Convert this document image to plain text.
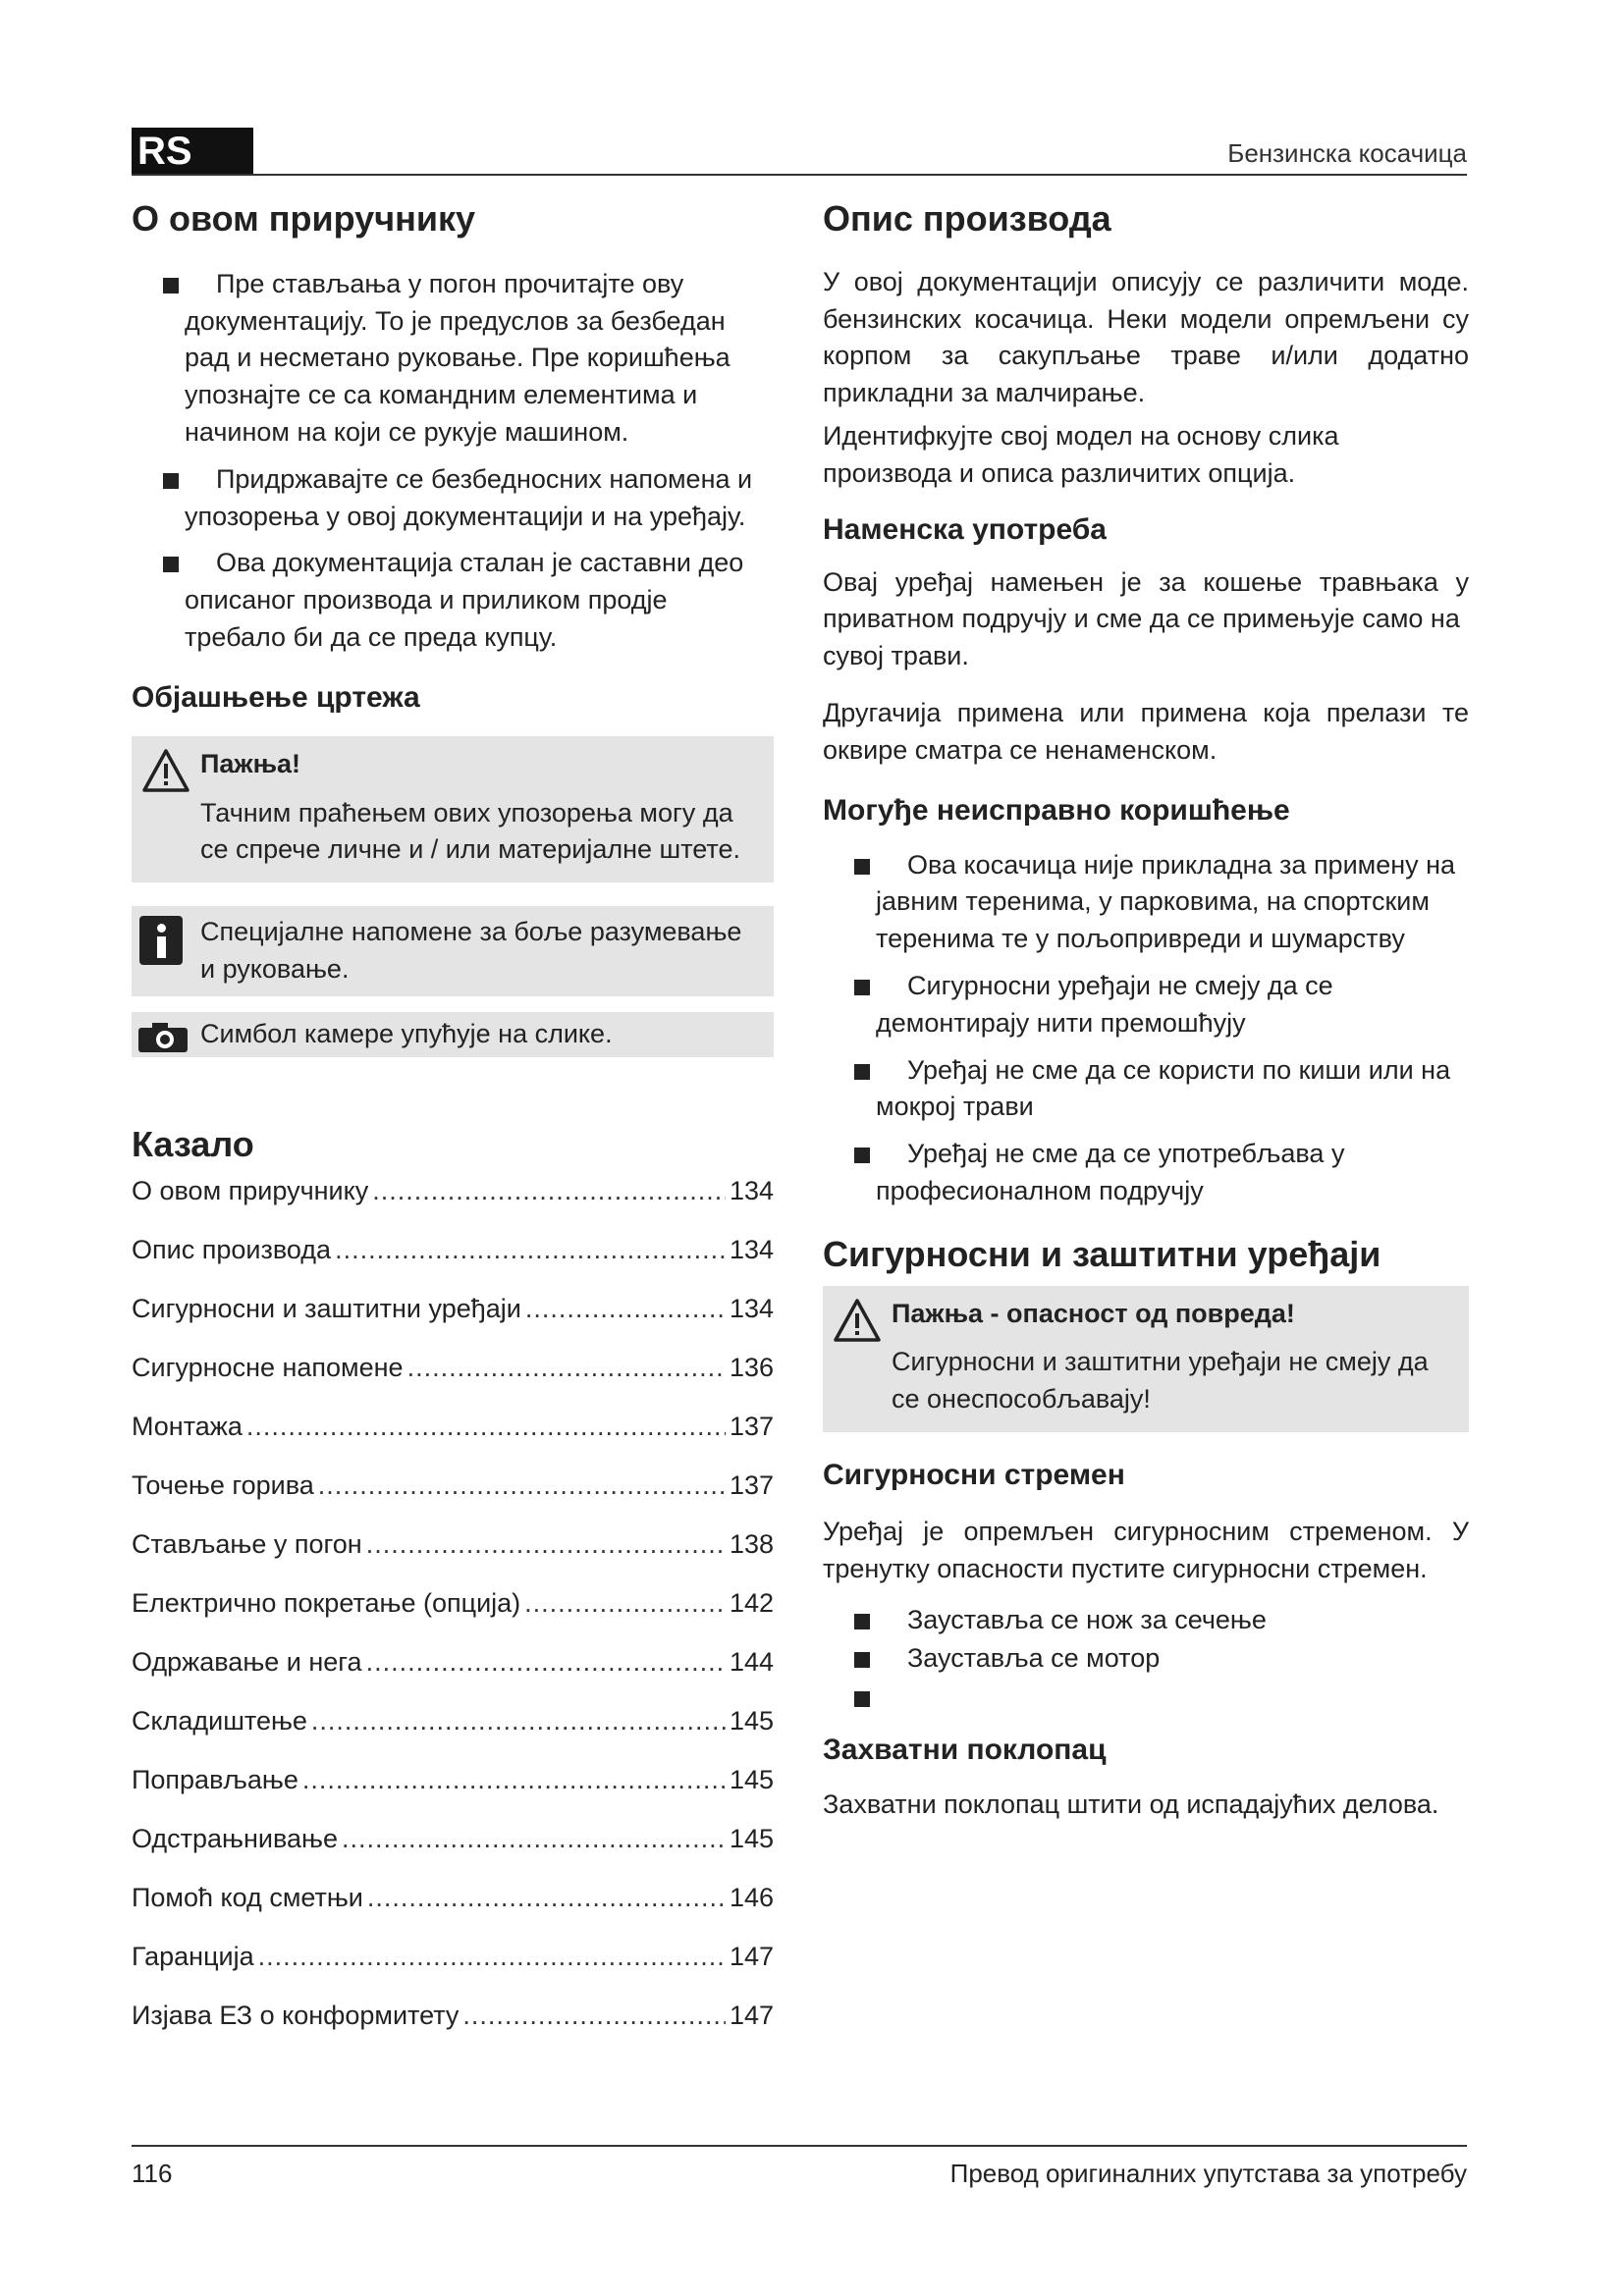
RS	Бензинска косачица
О овом приручнику
Пре стављања у погон прочитајте ову документацију. То је предуслов за безбедан рад и несметано руковање. Пре коришћења упознајте се са командним елементима и начином на који се рукује машином.
Придржавајте се безбедносних напомена и упозорења у овој документацији и на уређају.
Ова документација сталан је саставни део описаног производа и приликом продје требало би да се преда купцу.
Објашњење цртежа
Пажња!
Тачним праћењем ових упозорења могу да се спрече личне и / или материјалне штете.
Специјалне напомене за боље разумевање и руковање.
Симбол камере упућује на слике.
Казало
О овом приручнику .....	134
Опис производа .....	134
Сигурносни и заштитни уређаји .....	134
Сигурносне напомене .....	136
Монтажа .....	137
Точење горива .....	137
Стављање у погон .....	138
Електрично покретање (опција) .....	142
Одржавање и нега .....	144
Складиштење .....	145
Поправљање .....	145
Одстрањнивање .....	145
Помоћ код сметњи .....	146
Гаранција .....	147
Изјава ЕЗ о конформитету .....	147
Опис производа

У овој документацији описују се различити моде. бензинских косачица. Неки модели опремљени су корпом за сакупљање траве и/или додатно

прикладни за малчирање.

Идентифкујте свој модел на основу слика производа и описа различитих опција.

Наменска употреба

Овај уређај намењен је за кошење травњака у

приватном подручју и сме да се примењује само на сувој трави.

Другачија примена или примена која прелази те

оквире сматра се ненаменском.

Могуђе неисправно коришћење
Ова косачица није прикладна за примену на јавним теренима, у парковима, на спортским теренима те у пољопривреди и шумарству
Сигурносни уређаји не смеју да се демонтирају нити премошћују
Уређај не сме да се користи по киши или на мокрој трави
Уређај не сме да се употребљава у професионалном подручју
Сигурносни и заштитни уређаји
Пажња - опасност од повреда!
Сигурносни и заштитни уређаји не смеју да се онеспособљавају!
Сигурносни стремен

Уређај је опремљен сигурносним стременом. У

тренутку опасности пустите сигурносни стремен.

Зауставља се нож за сечење
Зауставља се мотор
Захватни поклопац

Захватни поклопац штити од испадајућих делова.

116	Превод оригиналних упутстава за употребу
